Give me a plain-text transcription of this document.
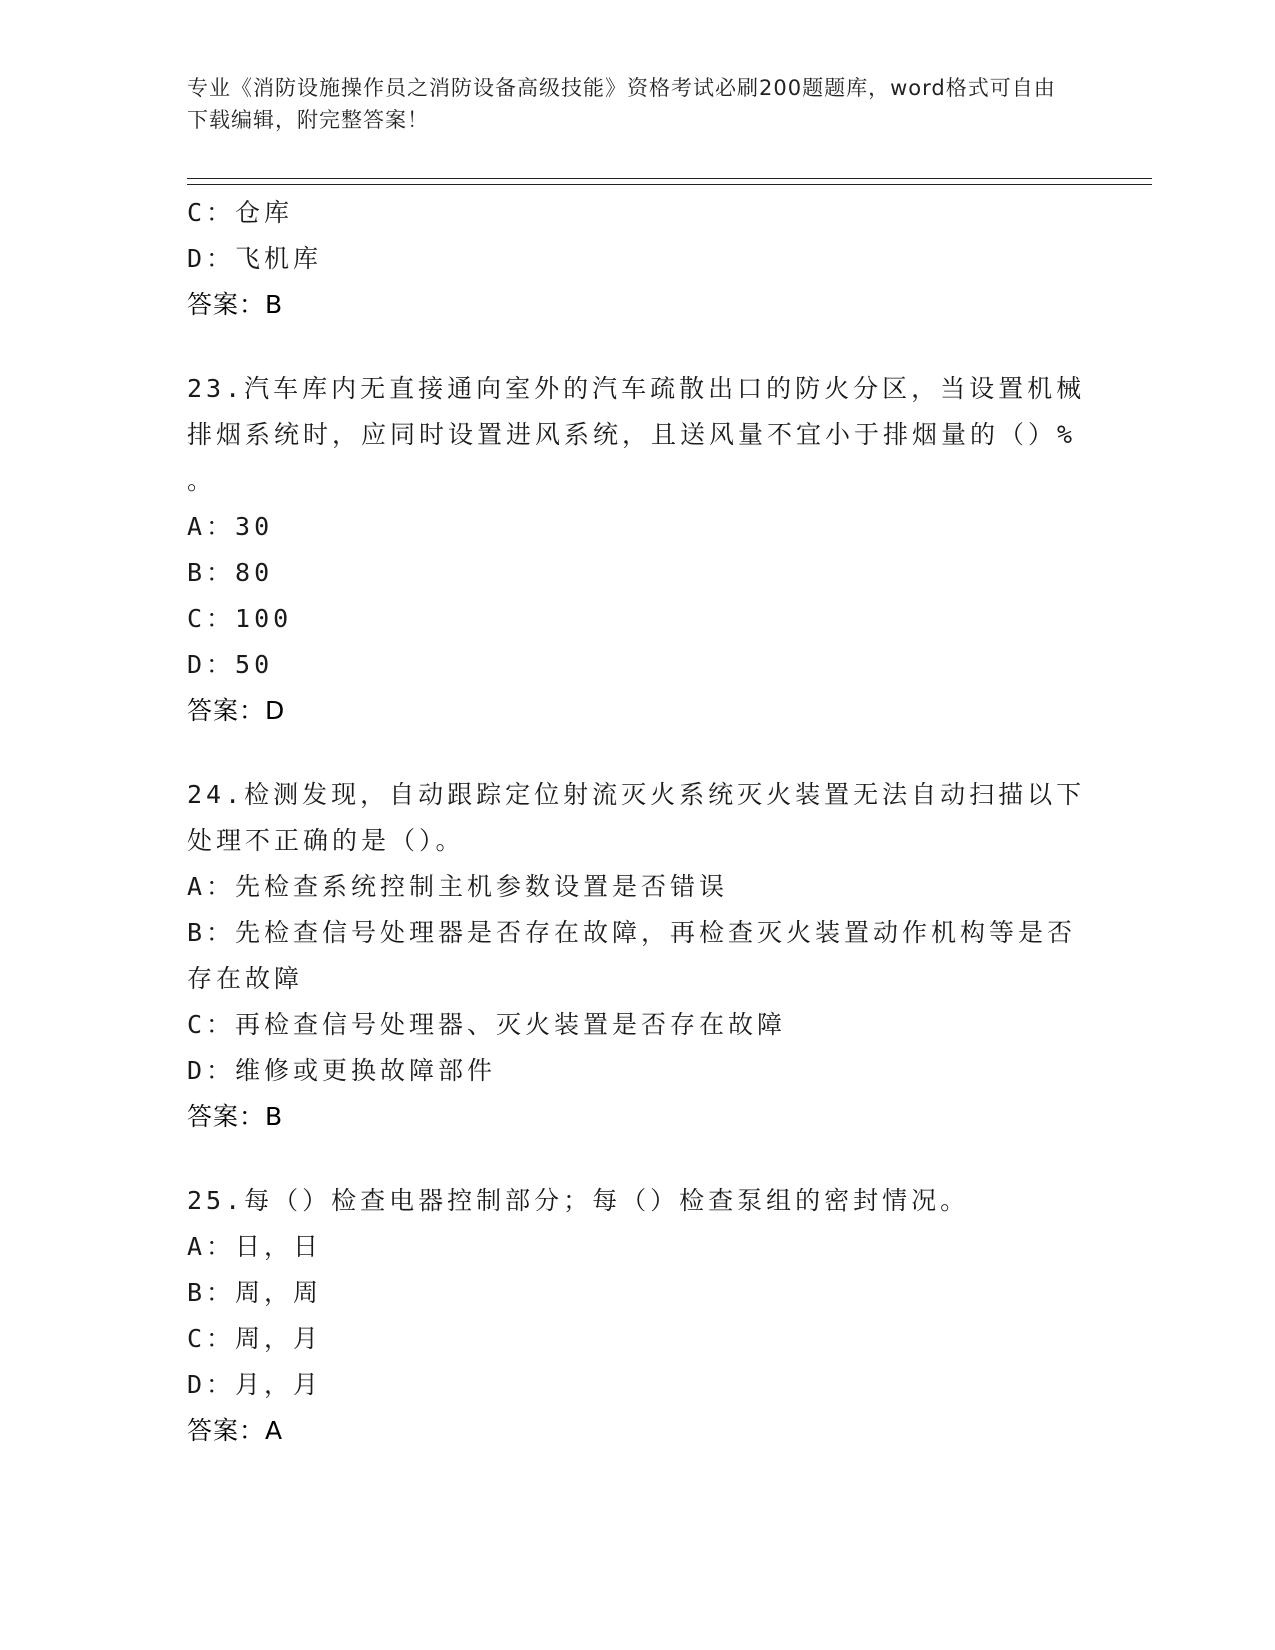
专业《消防设施操作员之消防设备高级技能》资格考试必刷200题题库，word格式可自由下载编辑，附完整答案！
C：仓库
D：飞机库
答案：B
23.汽车库内无直接通向室外的汽车疏散出口的防火分区，当设置机械
排烟系统时，应同时设置进风系统，且送风量不宜小于排烟量的（）%
。
A：30
B：80
C：100
D：50
答案：D
24.检测发现，自动跟踪定位射流灭火系统灭火装置无法自动扫描以下
处理不正确的是（）。
A：先检查系统控制主机参数设置是否错误
B：先检查信号处理器是否存在故障，再检查灭火装置动作机构等是否
存在故障
C：再检查信号处理器、灭火装置是否存在故障
D：维修或更换故障部件
答案：B
25.每（）检查电器控制部分；每（）检查泵组的密封情况。
A：日，日
B：周，周
C：周，月
D：月，月
答案：A
